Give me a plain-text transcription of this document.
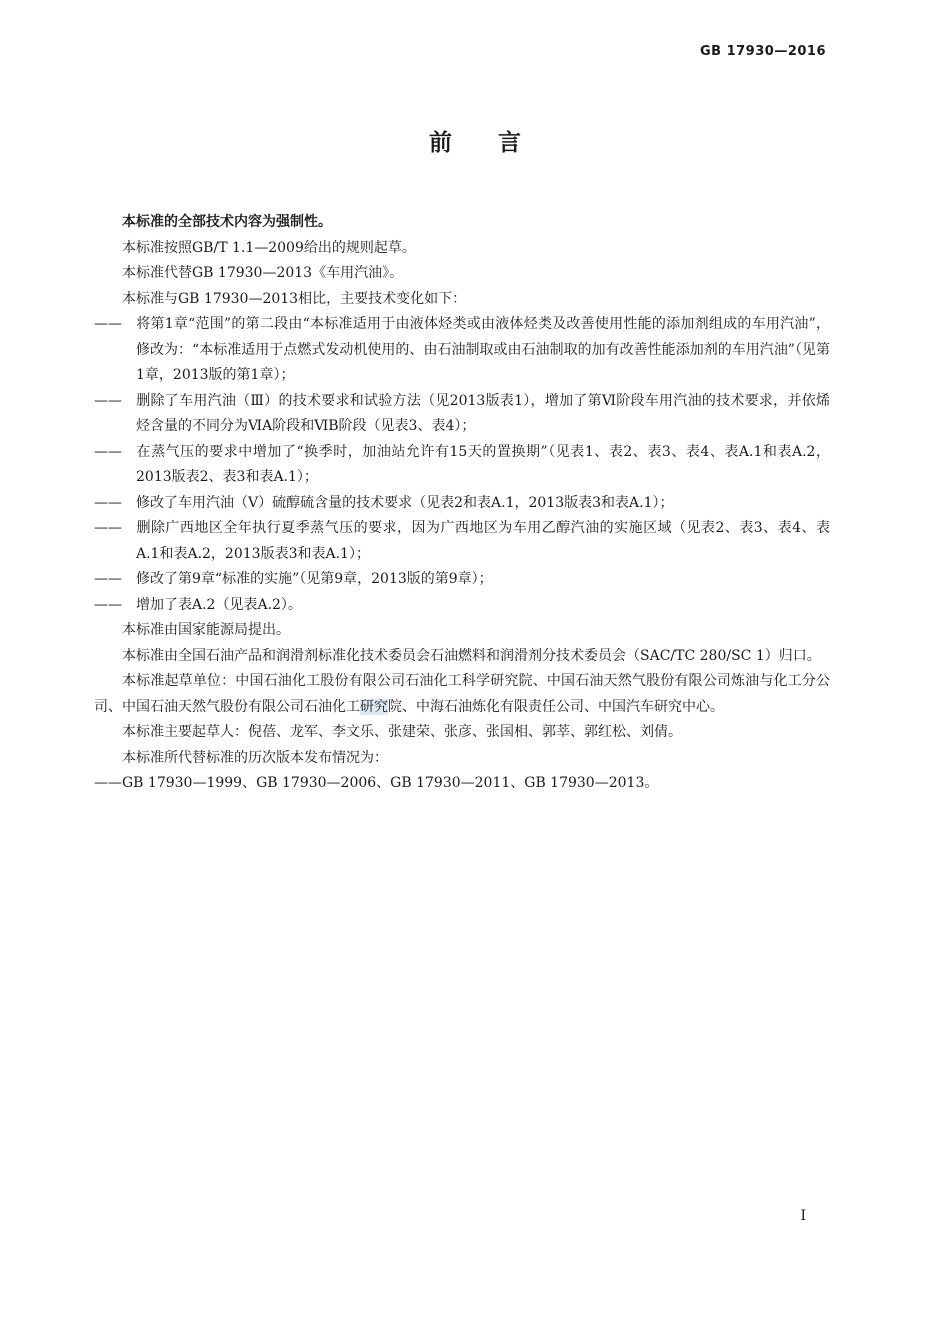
GB 17930—2016
前言
本标准的全部技术内容为强制性。
本标准按照GB/T 1.1—2009给出的规则起草。
本标准代替GB 17930—2013《车用汽油》。
本标准与GB 17930—2013相比，主要技术变化如下：
—— 将第1章“范围”的第二段由“本标准适用于由液体烃类或由液体烃类及改善使用性能的添加剂组成的车用汽油”，修改为：“本标准适用于点燃式发动机使用的、由石油制取或由石油制取的加有改善性能添加剂的车用汽油”（见第1章，2013版的第1章）；
—— 删除了车用汽油（Ⅲ）的技术要求和试验方法（见2013版表1），增加了第Ⅵ阶段车用汽油的技术要求，并依烯烃含量的不同分为ⅥA阶段和ⅥB阶段（见表3、表4）；
—— 在蒸气压的要求中增加了“换季时，加油站允许有15天的置换期”（见表1、表2、表3、表4、表A.1和表A.2，2013版表2、表3和表A.1）；
—— 修改了车用汽油（Ⅴ）硫醇硫含量的技术要求（见表2和表A.1，2013版表3和表A.1）；
—— 删除广西地区全年执行夏季蒸气压的要求，因为广西地区为车用乙醇汽油的实施区域（见表2、表3、表4、表A.1和表A.2，2013版表3和表A.1）；
—— 修改了第9章“标准的实施”（见第9章，2013版的第9章）；
—— 增加了表A.2（见表A.2）。
本标准由国家能源局提出。
本标准由全国石油产品和润滑剂标准化技术委员会石油燃料和润滑剂分技术委员会（SAC/TC 280/SC 1）归口。
本标准起草单位：中国石油化工股份有限公司石油化工科学研究院、中国石油天然气股份有限公司炼油与化工分公司、中国石油天然气股份有限公司石油化工研究院、中海石油炼化有限责任公司、中国汽车研究中心。
本标准主要起草人：倪蓓、龙军、李文乐、张建荣、张彦、张国相、郭莘、郭红松、刘倩。
本标准所代替标准的历次版本发布情况为：
——GB 17930—1999、GB 17930—2006、GB 17930—2011、GB 17930—2013。
I
